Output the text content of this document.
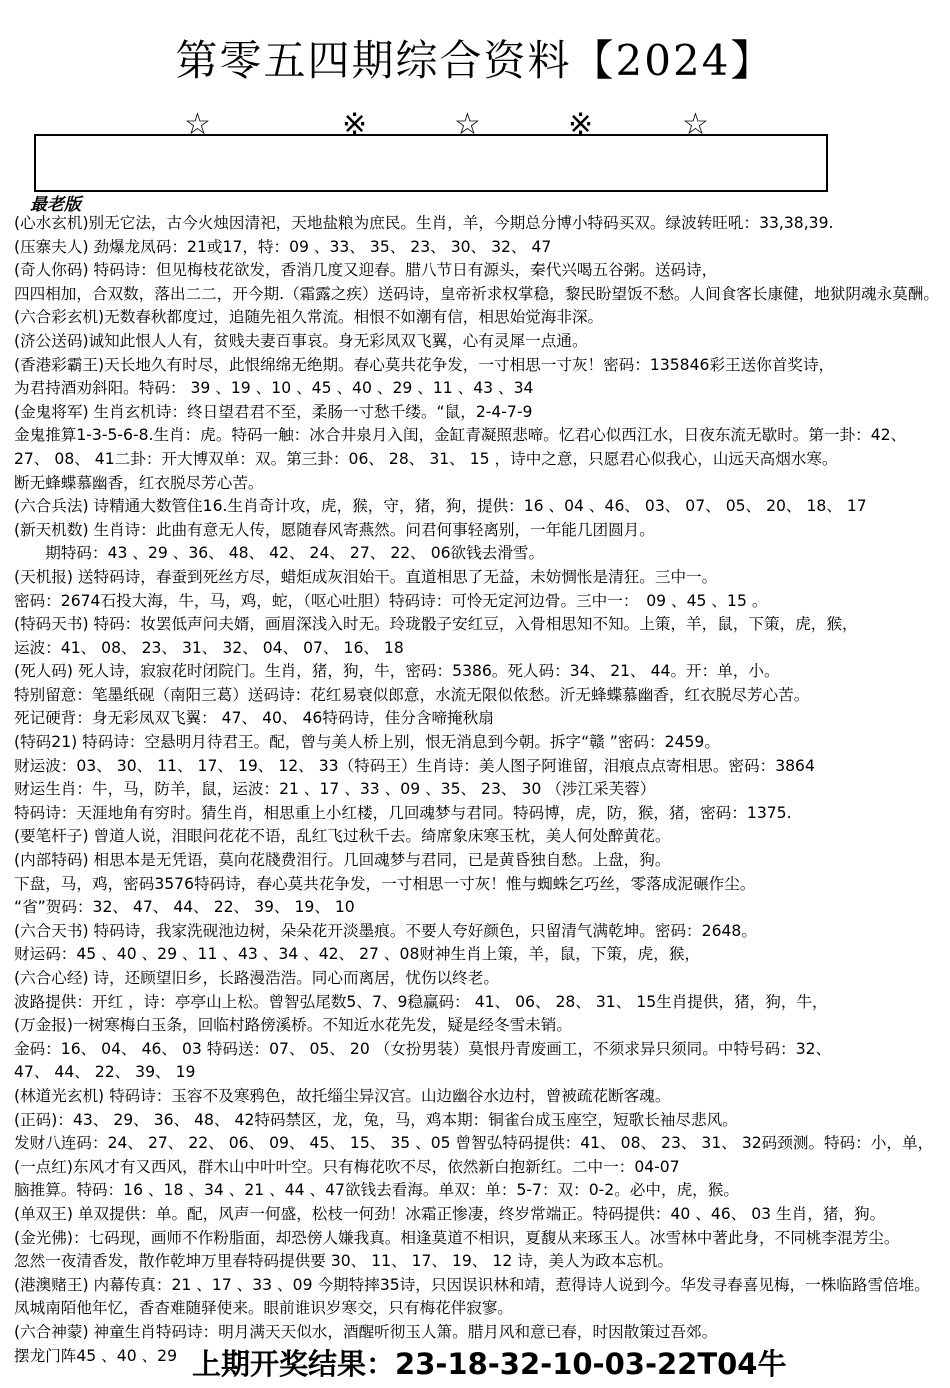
第零五四期综合资料【2024】
☆	※	☆	※	☆
最老版
(心水玄机)别无它法，古今火烛因清祀，天地盐粮为庶民。生肖，羊，今期总分博小特码买双。绿波转旺吼：33,38,39.
(压寨夫人) 劲爆龙凤码：21或17，特：09 、33、 35、 23、 30、 32、 47
(奇人你码) 特码诗：但见梅枝花欲发，香消几度又迎春。腊八节日有源头，秦代兴喝五谷粥。送码诗，
四四相加，合双数，落出二二，开今期.（霜露之疾）送码诗，皇帝祈求权掌稳，黎民盼望饭不愁。人间食客长康健，地狱阴魂永莫酬。
(六合彩玄机)无数春秋都度过，追随先祖久常流。相恨不如潮有信，相思始觉海非深。
(济公送码)诚知此恨人人有，贫贱夫妻百事哀。身无彩凤双飞翼，心有灵犀一点通。
(香港彩霸王)天长地久有时尽，此恨绵绵无绝期。春心莫共花争发，一寸相思一寸灰！密码：135846彩王送你首奖诗，
为君持酒劝斜阳。特码： 39 、19 、10 、45 、40 、29 、11 、43 、34
(金鬼将军) 生肖玄机诗：终日望君君不至，柔肠一寸愁千缕。“鼠，2-4-7-9
金鬼推算1-3-5-6-8.生肖：虎。特码一触：冰合井泉月入闺，金缸青凝照悲啼。忆君心似西江水，日夜东流无歇时。第一卦：42、
27、 08、 41二卦：开大博双单：双。第三卦：06、 28、 31、 15 ，诗中之意，只愿君心似我心，山远天高烟水寒。
断无蜂蝶慕幽香，红衣脱尽芳心苦。
(六合兵法) 诗精通大数管住16.生肖奇计攻，虎，猴，守，猪，狗，提供：16 、04 、46、 03、 07、 05、 20、 18、 17
(新天机数) 生肖诗：此曲有意无人传，愿随春风寄燕然。问君何事轻离别，一年能几团圆月。
　　期特码：43 、29 、36、 48、 42、 24、 27、 22、 06欲钱去滑雪。
(天机报) 送特码诗，春蚕到死丝方尽，蜡炬成灰泪始干。直道相思了无益，未妨惆怅是清狂。三中一。
密码：2674石投大海，牛，马，鸡，蛇，（呕心吐胆）特码诗：可怜无定河边骨。三中一：　09 、45 、15 。
(特码天书) 特码：妆罢低声问夫婿，画眉深浅入时无。玲珑骰子安红豆，入骨相思知不知。上策，羊，鼠，下策，虎，猴，
运波：41、 08、 23、 31、 32、 04、 07、 16、 18
(死人码) 死人诗，寂寂花时闭院门。生肖，猪，狗，牛，密码：5386。死人码：34、 21、 44。开：单，小。
特别留意：笔墨纸砚（南阳三葛）送码诗：花红易衰似郎意，水流无限似侬愁。沂无蜂蝶慕幽香，红衣脱尽芳心苦。
死记硬背：身无彩凤双飞翼： 47、 40、 46特码诗，佳分含啼掩秋扇
(特码21) 特码诗：空悬明月待君王。配，曾与美人桥上别，恨无消息到今朝。拆字“赣 ”密码：2459。
财运波：03、 30、 11、 17、 19、 12、 33（特码王）生肖诗：美人图子阿谁留，泪痕点点寄相思。密码：3864
财运生肖：牛，马，防羊，鼠，运波：21 、17 、33 、09 、35、 23、 30 （涉江采芙蓉）
特码诗：天涯地角有穷时。猜生肖，相思重上小红楼，几回魂梦与君同。特码博，虎，防，猴，猪，密码：1375.
(要笔杆子) 曾道人说，泪眼问花花不语，乱红飞过秋千去。绮席象床寒玉枕，美人何处醉黄花。
(内部特码) 相思本是无凭语，莫向花牋费泪行。几回魂梦与君同，已是黄昏独自愁。上盘，狗。
下盘，马，鸡，密码3576特码诗，春心莫共花争发，一寸相思一寸灰！惟与蜘蛛乞巧丝，零落成泥碾作尘。
“省”贺码：32、 47、 44、 22、 39、 19、 10
(六合天书) 特码诗，我家洗砚池边树，朵朵花开淡墨痕。不要人夸好颜色，只留清气满乾坤。密码：2648。
财运码：45 、40 、29 、11 、43 、34 、42、 27 、08财神生肖上策，羊，鼠，下策，虎，猴，
(六合心经) 诗，还顾望旧乡，长路漫浩浩。同心而离居，忧伤以终老。
波路提供：开红 ，诗：亭亭山上松。曾智弘尾数5、7、9稳赢码： 41、 06、 28、 31、 15生肖提供，猪，狗，牛，
(万金报)一树寒梅白玉条，回临村路傍溪桥。不知近水花先发，疑是经冬雪未销。
金码：16、 04、 46、 03 特码送：07、 05、 20 （女扮男装）莫恨丹青废画工，不须求异只须同。中特号码：32、
47、 44、 22、 39、 19
(林道光玄机) 特码诗：玉容不及寒鸦色，故托缁尘异汉宫。山边幽谷水边村，曾被疏花断客魂。
(正码)：43、 29、 36、 48、 42特码禁区，龙，兔，马，鸡本期：铜雀台成玉座空，短歌长袖尽悲风。
发财八连码：24、 27、 22、 06、 09、 45、 15、 35 、05 曾智弘特码提供：41、 08、 23、 31、 32码颈测。特码：小，单，
(一点红)东风才有又西风，群木山中叶叶空。只有梅花吹不尽，依然新白抱新红。二中一：04-07
脑推算。特码：16 、18 、34 、21 、44 、47欲钱去看海。单双：单：5-7：双：0-2。必中，虎，猴。
(单双王) 单双提供：单。配，风声一何盛，松枝一何劲！冰霜正惨凄，终岁常端正。特码提供：40 、46、 03 生肖，猪，狗。
(金光佛)：七码现，画师不作粉脂面，却恐傍人嫌我真。相逢莫道不相识，夏馥从来琢玉人。冰雪林中著此身，不同桃李混芳尘。
忽然一夜清香发，散作乾坤万里春特码提供要 30、 11、 17、 19、 12 诗，美人为政本忘机。
(港澳赌王) 内幕传真：21 、17 、33 、09 今期特摔35诗，只因误识林和靖，惹得诗人说到今。华发寻春喜见梅，一株临路雪倍堆。
凤城南陌他年忆，香杳难随驿使来。眼前谁识岁寒交，只有梅花伴寂寥。
(六合神蒙) 神童生肖特码诗：明月满天天似水，酒醒听彻玉人箫。腊月风和意已春，时因散策过吾郊。
摆龙门阵45 、40 、29 上期开奖结果：23-18-32-10-03-22T04牛
